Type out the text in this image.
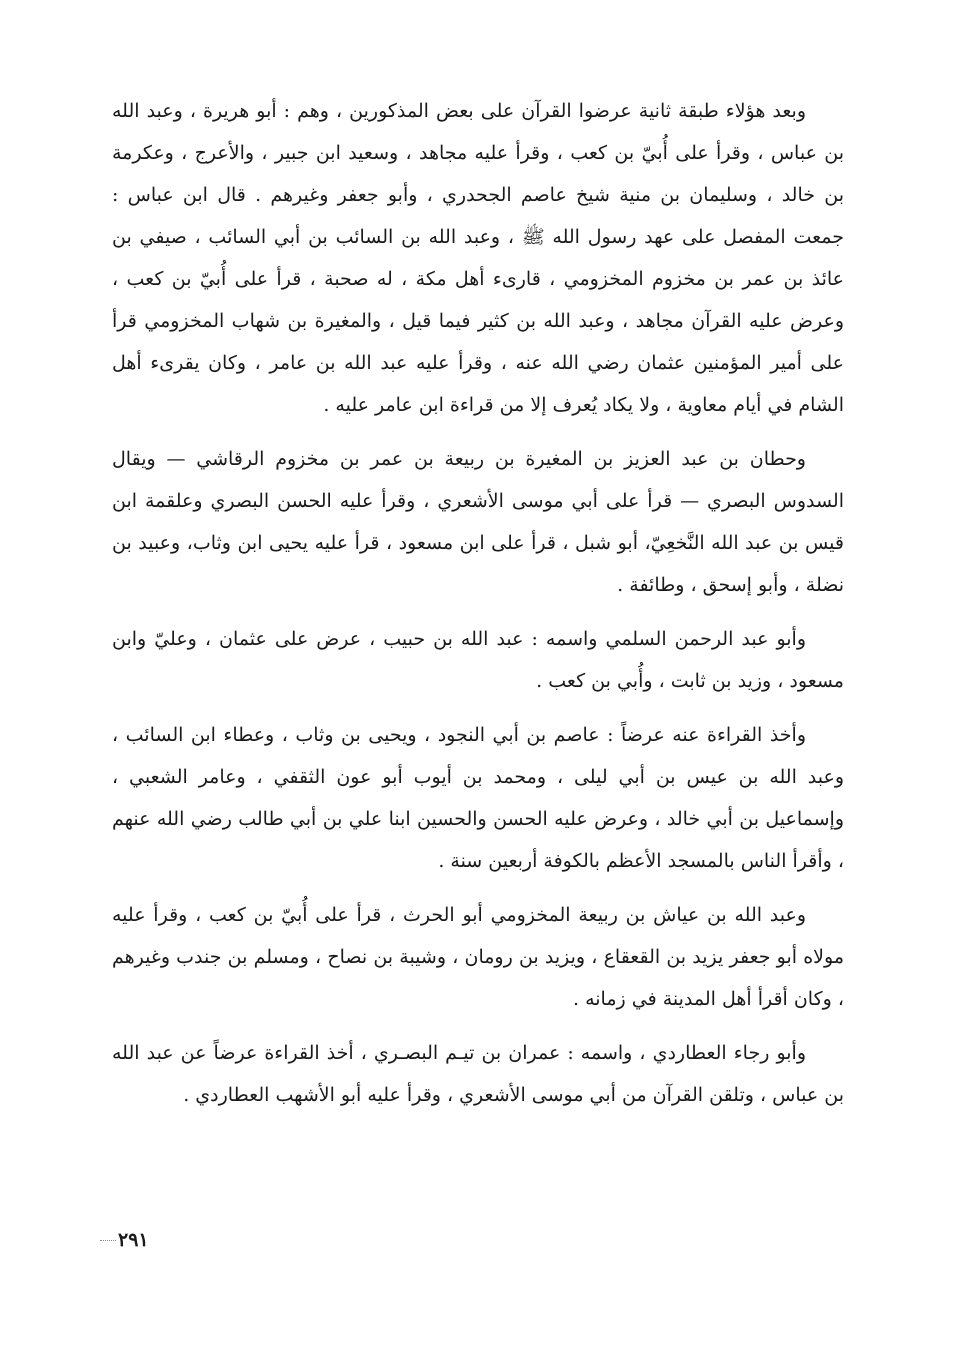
وبعد هؤلاء طبقة ثانية عرضوا القرآن على بعض المذكورين ، وهم : أبو هريرة ، وعبد الله بن عباس ، وقرأ على أُبيّ بن كعب ، وقرأ عليه مجاهد ، وسعيد ابن جبير ، والأعرج ، وعكرمة بن خالد ، وسليمان بن منية شيخ عاصم الجحدري ، وأبو جعفر وغيرهم . قال ابن عباس : جمعت المفصل على عهد رسول الله ﷺ ، وعبد الله بن السائب بن أبي السائب ، صيفي بن عائذ بن عمر بن مخزوم المخزومي ، قارىء أهل مكة ، له صحبة ، قرأ على أُبيّ بن كعب ، وعرض عليه القرآن مجاهد ، وعبد الله بن كثير فيما قيل ، والمغيرة بن شهاب المخزومي قرأ على أمير المؤمنين عثمان رضي الله عنه ، وقرأ عليه عبد الله بن عامر ، وكان يقرىء أهل الشام في أيام معاوية ، ولا يكاد يُعرف إلا من قراءة ابن عامر عليه .

وحطان بن عبد العزيز بن المغيرة بن ربيعة بن عمر بن مخزوم الرقاشي — ويقال السدوس البصري — قرأ على أبي موسى الأشعري ، وقرأ عليه الحسن البصري وعلقمة ابن قيس بن عبد الله النَّخعِيّ، أبو شبل ، قرأ على ابن مسعود ، قرأ عليه يحيى ابن وثاب، وعبيد بن نضلة ، وأبو إسحق ، وطائفة .

وأبو عبد الرحمن السلمي واسمه : عبد الله بن حبيب ، عرض على عثمان ، وعليّ وابن مسعود ، وزيد بن ثابت ، وأُبي بن كعب .

وأخذ القراءة عنه عرضاً : عاصم بن أبي النجود ، ويحيى بن وثاب ، وعطاء ابن السائب ، وعبد الله بن عيس بن أبي ليلى ، ومحمد بن أيوب أبو عون الثقفي ، وعامر الشعبي ، وإسماعيل بن أبي خالد ، وعرض عليه الحسن والحسين ابنا علي بن أبي طالب رضي الله عنهم ، وأقرأ الناس بالمسجد الأعظم بالكوفة أربعين سنة .

وعبد الله بن عياش بن ربيعة المخزومي أبو الحرث ، قرأ على أُبيّ بن كعب ، وقرأ عليه مولاه أبو جعفر يزيد بن القعقاع ، ويزيد بن رومان ، وشيبة بن نصاح ، ومسلم بن جندب وغيرهم ، وكان أقرأ أهل المدينة في زمانه .

وأبو رجاء العطاردي ، واسمه : عمران بن تيـم البصـري ، أخذ القراءة عرضاً عن عبد الله بن عباس ، وتلقن القرآن من أبي موسى الأشعري ، وقرأ عليه أبو الأشهب العطاردي .

٢٩١
